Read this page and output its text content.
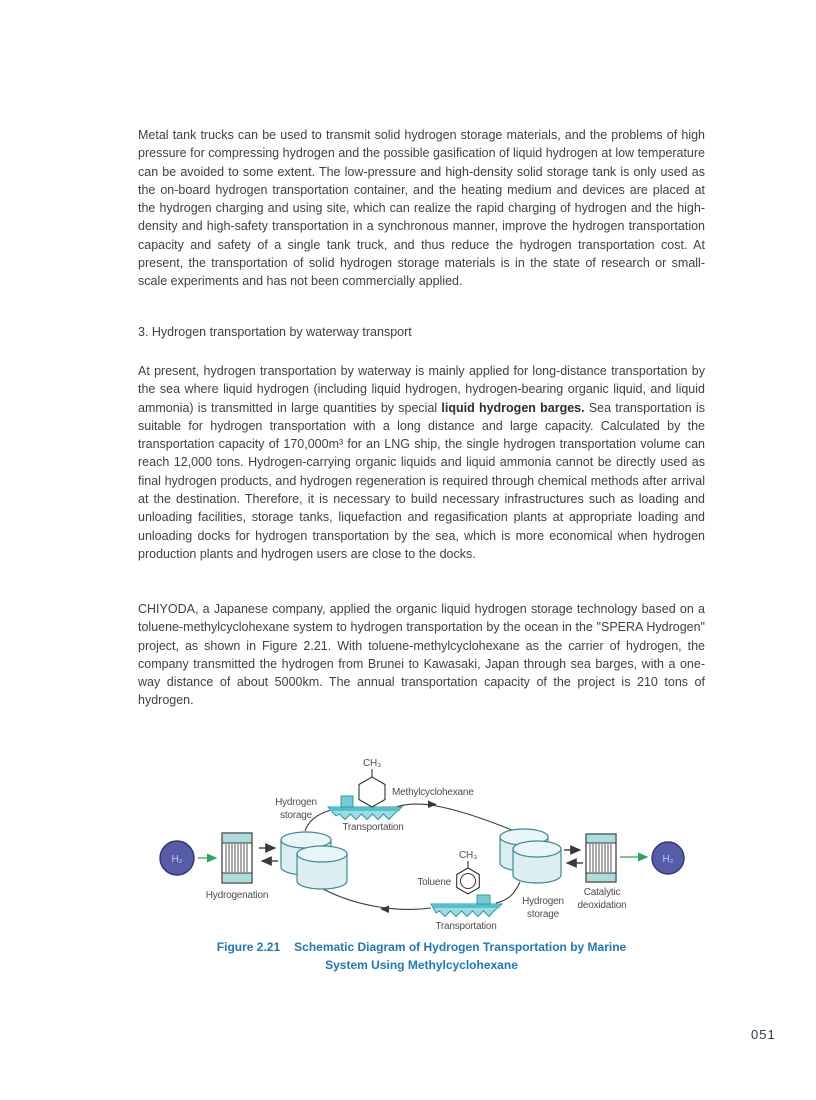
Metal tank trucks can be used to transmit solid hydrogen storage materials, and the problems of high pressure for compressing hydrogen and the possible gasification of liquid hydrogen at low temperature can be avoided to some extent. The low-pressure and high-density solid storage tank is only used as the on-board hydrogen transportation container, and the heating medium and devices are placed at the hydrogen charging and using site, which can realize the rapid charging of hydrogen and the high-density and high-safety transportation in a synchronous manner, improve the hydrogen transportation capacity and safety of a single tank truck, and thus reduce the hydrogen transportation cost. At present, the transportation of solid hydrogen storage materials is in the state of research or small-scale experiments and has not been commercially applied.

3. Hydrogen transportation by waterway transport

At present, hydrogen transportation by waterway is mainly applied for long-distance transportation by the sea where liquid hydrogen (including liquid hydrogen, hydrogen-bearing organic liquid, and liquid ammonia) is transmitted in large quantities by special liquid hydrogen barges. Sea transportation is suitable for hydrogen transportation with a long distance and large capacity. Calculated by the transportation capacity of 170,000m³ for an LNG ship, the single hydrogen transportation volume can reach 12,000 tons. Hydrogen-carrying organic liquids and liquid ammonia cannot be directly used as final hydrogen products, and hydrogen regeneration is required through chemical methods after arrival at the destination. Therefore, it is necessary to build necessary infrastructures such as loading and unloading facilities, storage tanks, liquefaction and regasification plants at appropriate loading and unloading docks for hydrogen transportation by the sea, which is more economical when hydrogen production plants and hydrogen users are close to the docks.

CHIYODA, a Japanese company, applied the organic liquid hydrogen storage technology based on a toluene-methylcyclohexane system to hydrogen transportation by the ocean in the "SPERA Hydrogen" project, as shown in Figure 2.21. With toluene-methylcyclohexane as the carrier of hydrogen, the company transmitted the hydrogen from Brunei to Kawasaki, Japan through sea barges, with a one-way distance of about 5000km. The annual transportation capacity of the project is 210 tons of hydrogen.

H₂
Hydrogenation
Hydrogen
storage
Transportation
CH₃
Methylcyclohexane
Hydrogen
storage
Catalytic
deoxidation
H₂
CH₃
Toluene
Transportation
Figure 2.21 Schematic Diagram of Hydrogen Transportation by Marine
System Using Methylcyclohexane
051
